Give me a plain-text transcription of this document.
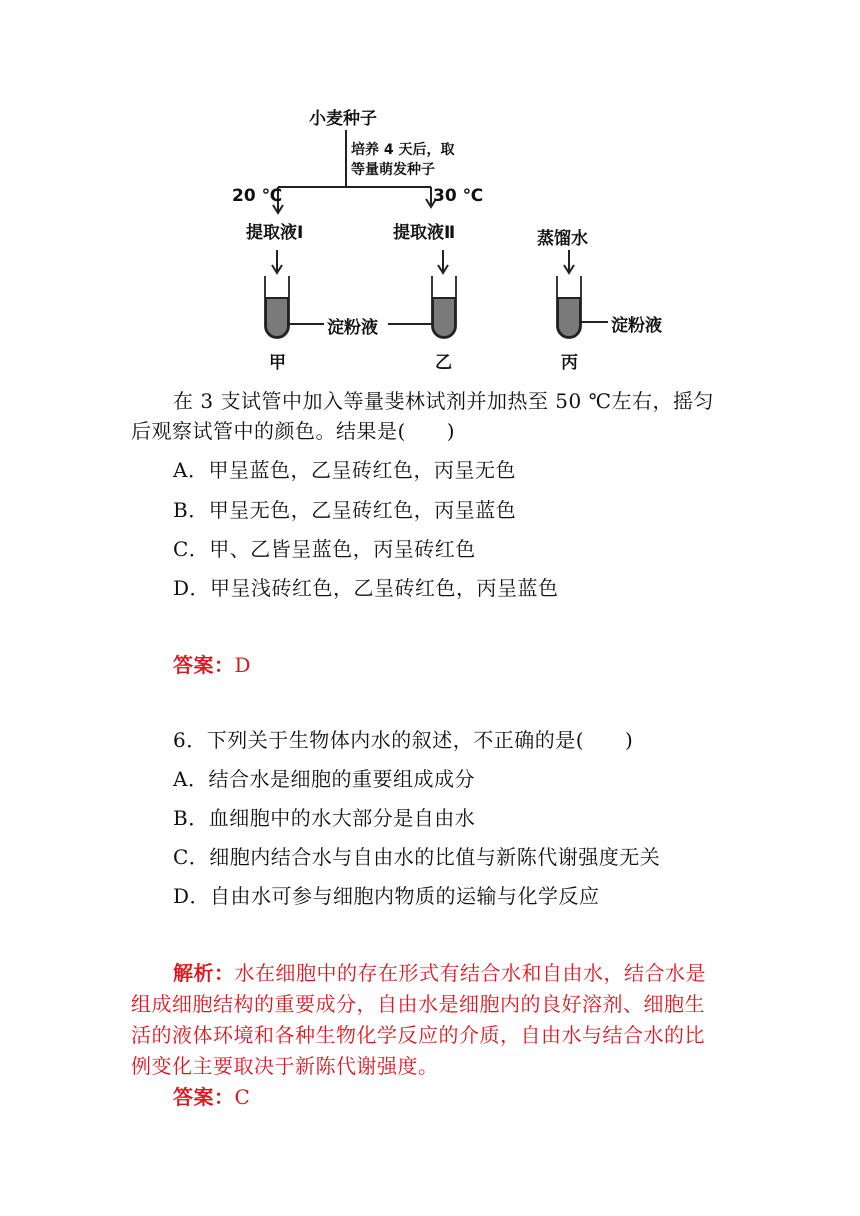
小麦种子
培养 4 天后，取
等量萌发种子
20 ℃	30 ℃
提取液Ⅰ	提取液Ⅱ	蒸馏水
淀粉液	淀粉液
甲	乙	丙
在 3 支试管中加入等量斐林试剂并加热至 50 ℃左右，摇匀
后观察试管中的颜色。结果是(　　)
A．甲呈蓝色，乙呈砖红色，丙呈无色
B．甲呈无色，乙呈砖红色，丙呈蓝色
C．甲、乙皆呈蓝色，丙呈砖红色
D．甲呈浅砖红色，乙呈砖红色，丙呈蓝色
答案：D
6．下列关于生物体内水的叙述，不正确的是(　　)
A．结合水是细胞的重要组成成分
B．血细胞中的水大部分是自由水
C．细胞内结合水与自由水的比值与新陈代谢强度无关
D．自由水可参与细胞内物质的运输与化学反应
解析：水在细胞中的存在形式有结合水和自由水，结合水是
组成细胞结构的重要成分，自由水是细胞内的良好溶剂、细胞生
活的液体环境和各种生物化学反应的介质，自由水与结合水的比
例变化主要取决于新陈代谢强度。
答案：C
